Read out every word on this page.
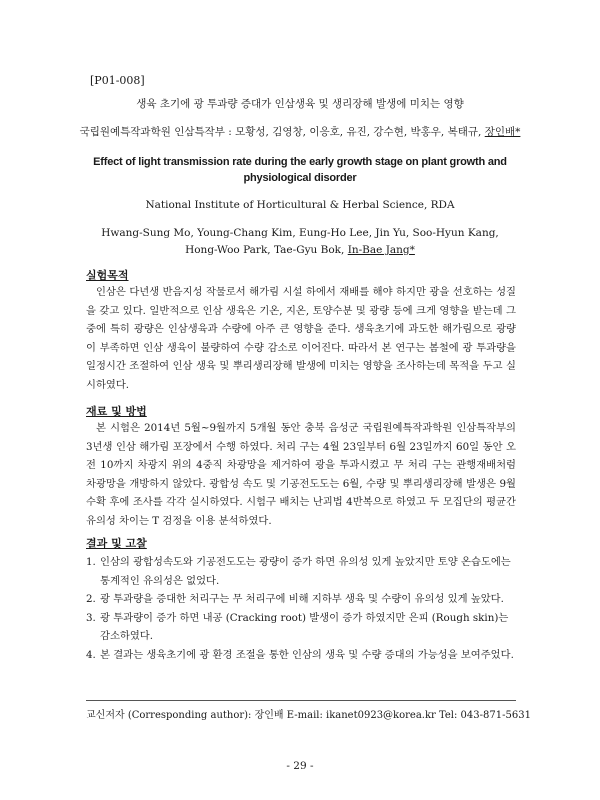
[P01-008]
생육 초기에 광 투과량 증대가 인삼생육 및 생리장해 발생에 미치는 영향
국립원예특작과학원 인삼특작부 : 모황성, 김영창, 이응호, 유진, 강수현, 박홍우, 복태규, 장인배*
Effect of light transmission rate during the early growth stage on plant growth and physiological disorder
National Institute of Horticultural & Herbal Science, RDA
Hwang-Sung Mo, Young-Chang Kim, Eung-Ho Lee, Jin Yu, Soo-Hyun Kang, Hong-Woo Park, Tae-Gyu Bok, In-Bae Jang*
실험목적

인삼은 다년생 반음지성 작물로서 해가림 시설 하에서 재배를 해야 하지만 광을 선호하는 성질을 갖고 있다. 일반적으로 인삼 생육은 기온, 지온, 토양수분 및 광량 등에 크게 영향을 받는데 그중에 특히 광량은 인삼생육과 수량에 아주 큰 영향을 준다. 생육초기에 과도한 해가림으로 광량이 부족하면 인삼 생육이 불량하여 수량 감소로 이어진다. 따라서 본 연구는 봄철에 광 투과량을 일정시간 조절하여 인삼 생육 및 뿌리생리장해 발생에 미치는 영향을 조사하는데 목적을 두고 실시하였다.

재료 및 방법

본 시험은 2014년 5월~9월까지 5개월 동안 충북 음성군 국립원예특작과학원 인삼특작부의 3년생 인삼 해가림 포장에서 수행 하였다. 처리 구는 4월 23일부터 6월 23일까지 60일 동안 오전 10까지 차광지 위의 4중직 차광망을 제거하여 광을 투과시켰고 무 처리 구는 관행재배처럼 차광망을 개방하지 않았다. 광합성 속도 및 기공전도도는 6월, 수량 및 뿌리생리장해 발생은 9월 수확 후에 조사를 각각 실시하였다. 시험구 배치는 난괴법 4반복으로 하였고 두 모집단의 평균간 유의성 차이는 T 검정을 이용 분석하였다.

결과 및 고찰
1. 인삼의 광합성속도와 기공전도도는 광량이 증가 하면 유의성 있게 높았지만 토양 온습도에는 통계적인 유의성은 없었다.
2. 광 투과량을 증대한 처리구는 무 처리구에 비해 지하부 생육 및 수량이 유의성 있게 높았다.
3. 광 투과량이 증가 하면 내공 (Cracking root) 발생이 증가 하였지만 은피 (Rough skin)는 감소하였다.
4. 본 결과는 생육초기에 광 환경 조절을 통한 인삼의 생육 및 수량 증대의 가능성을 보여주었다.
교신저자 (Corresponding author): 장인배 E-mail: ikanet0923@korea.kr Tel: 043-871-5631
- 29 -
